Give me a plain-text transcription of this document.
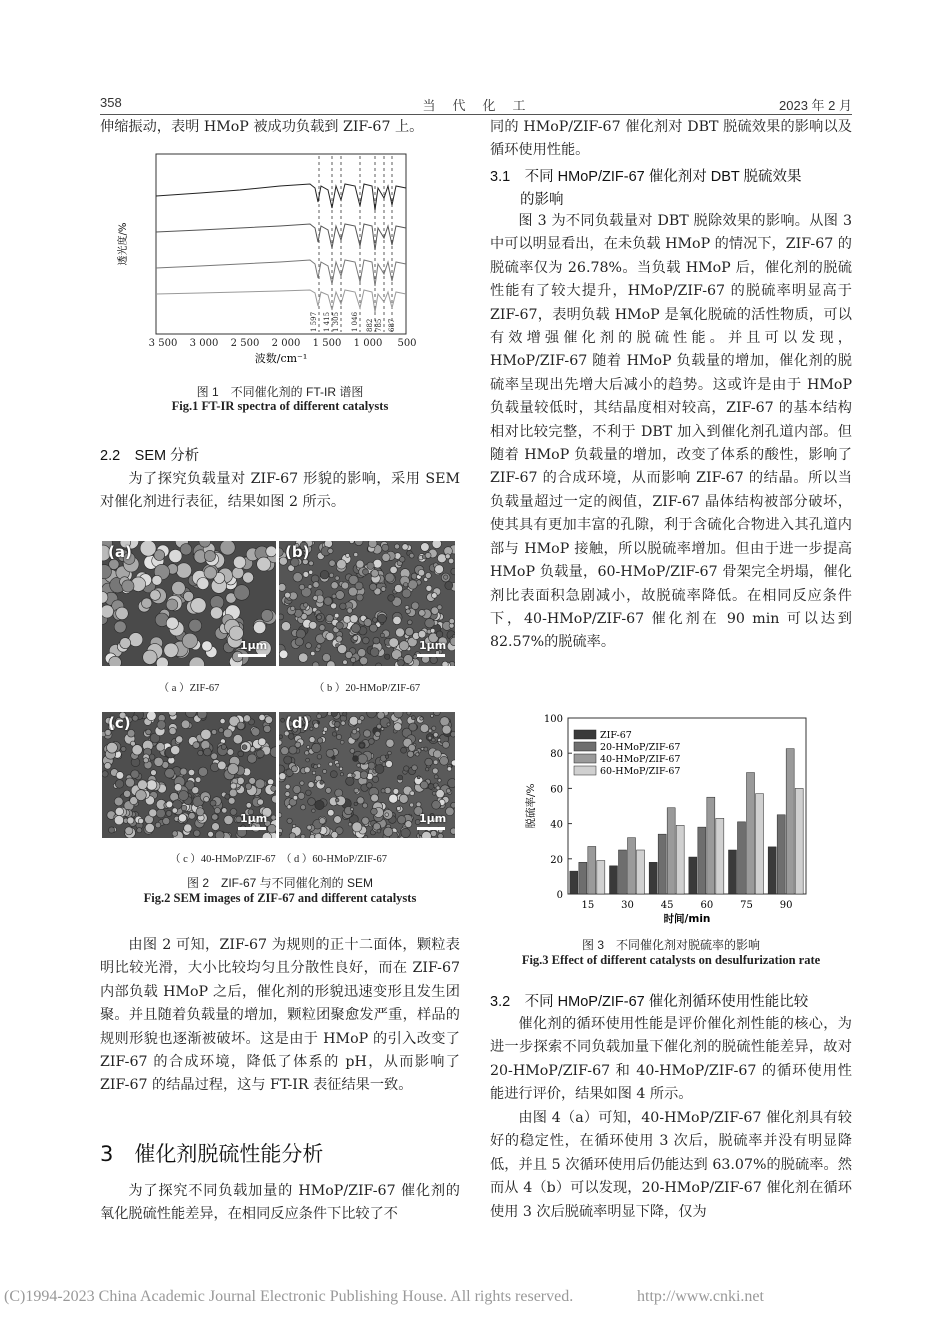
358	当　代　化　工	2023 年 2 月
伸缩振动，表明 HMoP 被成功负载到 ZIF-67 上。
透光度/%
3 500 3 000 2 500 2 000 1 500 1 000 500
1 597 1 415 1 305 1 046 882 785 687
波数/cm⁻¹
图 1　不同催化剂的 FT-IR 谱图
Fig.1 FT-IR spectra of different catalysts
2.2　SEM 分析
为了探究负载量对 ZIF-67 形貌的影响，采用 SEM 对催化剂进行表征，结果如图 2 所示。
(a)
1μm
(b)
1μm
（ a ）ZIF-67	（ b ）20-HMoP/ZIF-67
(c)
1μm
(d)
1μm
（ c ）40-HMoP/ZIF-67　（ d ）60-HMoP/ZIF-67
图 2　ZIF-67 与不同催化剂的 SEM
Fig.2 SEM images of ZIF-67 and different catalysts
由图 2 可知，ZIF-67 为规则的正十二面体，颗粒表明比较光滑，大小比较均匀且分散性良好，而在 ZIF-67 内部负载 HMoP 之后，催化剂的形貌迅速变形且发生团聚。并且随着负载量的增加，颗粒团聚愈发严重，样品的规则形貌也逐渐被破坏。这是由于 HMoP 的引入改变了 ZIF-67 的合成环境，降低了体系的 pH，从而影响了 ZIF-67 的结晶过程，这与 FT-IR 表征结果一致。
3　催化剂脱硫性能分析
为了探究不同负载加量的 HMoP/ZIF-67 催化剂的氧化脱硫性能差异，在相同反应条件下比较了不
同的 HMoP/ZIF-67 催化剂对 DBT 脱硫效果的影响以及循环使用性能。
3.1　不同 HMoP/ZIF-67 催化剂对 DBT 脱硫效果
的影响
图 3 为不同负载量对 DBT 脱除效果的影响。从图 3 中可以明显看出，在未负载 HMoP 的情况下，ZIF-67 的脱硫率仅为 26.78%。当负载 HMoP 后，催化剂的脱硫性能有了较大提升，HMoP/ZIF-67 的脱硫率明显高于 ZIF-67，表明负载 HMoP 是氧化脱硫的活性物质，可以有效增强催化剂的脱硫性能。并且可以发现，HMoP/ZIF-67 随着 HMoP 负载量的增加，催化剂的脱硫率呈现出先增大后减小的趋势。这或许是由于 HMoP 负载量较低时，其结晶度相对较高，ZIF-67 的基本结构相对比较完整，不利于 DBT 加入到催化剂孔道内部。但随着 HMoP 负载量的增加，改变了体系的酸性，影响了 ZIF-67 的合成环境，从而影响 ZIF-67 的结晶。所以当负载量超过一定的阀值，ZIF-67 晶体结构被部分破坏，使其具有更加丰富的孔隙，利于含硫化合物进入其孔道内部与 HMoP 接触，所以脱硫率增加。但由于进一步提高 HMoP 负载量，60-HMoP/ZIF-67 骨架完全坍塌，催化剂比表面积急剧减小，故脱硫率降低。在相同反应条件下，40-HMoP/ZIF-67 催化剂在 90 min 可以达到 82.57%的脱硫率。
0
20
40
60
80
100
15	30	45	60	75	90
时间/min
脱硫率/%
ZIF-67
20-HMoP/ZIF-67
40-HMoP/ZIF-67
60-HMoP/ZIF-67
图 3　不同催化剂对脱硫率的影响
Fig.3 Effect of different catalysts on desulfurization rate
3.2　不同 HMoP/ZIF-67 催化剂循环使用性能比较
催化剂的循环使用性能是评价催化剂性能的核心，为进一步探索不同负载加量下催化剂的脱硫性能差异，故对 20-HMoP/ZIF-67 和 40-HMoP/ZIF-67 的循环使用性能进行评价，结果如图 4 所示。
由图 4（a）可知，40-HMoP/ZIF-67 催化剂具有较好的稳定性，在循环使用 3 次后，脱硫率并没有明显降低，并且 5 次循环使用后仍能达到 63.07%的脱硫率。然而从 4（b）可以发现，20-HMoP/ZIF-67 催化剂在循环使用 3 次后脱硫率明显下降，仅为
(C)1994-2023 China Academic Journal Electronic Publishing House. All rights reserved.	http://www.cnki.net
